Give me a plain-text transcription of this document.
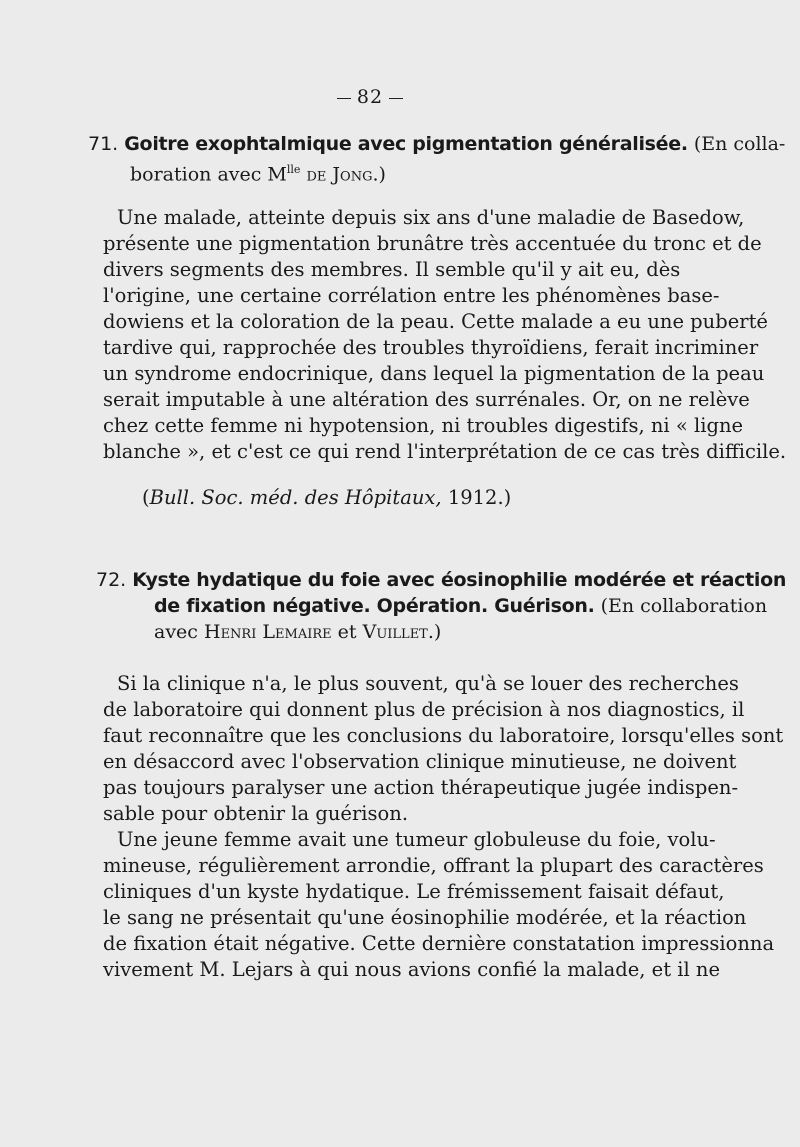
82
71. Goitre exophtalmique avec pigmentation généralisée. (En colla-
boration avec $M^{lle}$ de Jong.)
Une malade, atteinte depuis six ans d'une maladie de Basedow,
présente une pigmentation brunâtre très accentuée du tronc et de
divers segments des membres. Il semble qu'il y ait eu, dès
l'origine, une certaine corrélation entre les phénomènes base-
dowiens et la coloration de la peau. Cette malade a eu une puberté
tardive qui, rapprochée des troubles thyroïdiens, ferait incriminer
un syndrome endocrinique, dans lequel la pigmentation de la peau
serait imputable à une altération des surrénales. Or, on ne relève
chez cette femme ni hypotension, ni troubles digestifs, ni « ligne
blanche », et c'est ce qui rend l'interprétation de ce cas très difficile.
(Bull. Soc. méd. des Hôpitaux, 1912.)
72. Kyste hydatique du foie avec éosinophilie modérée et réaction
de fixation négative. Opération. Guérison. (En collaboration
avec Henri Lemaire et Vuillet.)
Si la clinique n'a, le plus souvent, qu'à se louer des recherches
de laboratoire qui donnent plus de précision à nos diagnostics, il
faut reconnaître que les conclusions du laboratoire, lorsqu'elles sont
en désaccord avec l'observation clinique minutieuse, ne doivent
pas toujours paralyser une action thérapeutique jugée indispen-
sable pour obtenir la guérison.
Une jeune femme avait une tumeur globuleuse du foie, volu-
mineuse, régulièrement arrondie, offrant la plupart des caractères
cliniques d'un kyste hydatique. Le frémissement faisait défaut,
le sang ne présentait qu'une éosinophilie modérée, et la réaction
de fixation était négative. Cette dernière constatation impressionna
vivement M. Lejars à qui nous avions confié la malade, et il ne
